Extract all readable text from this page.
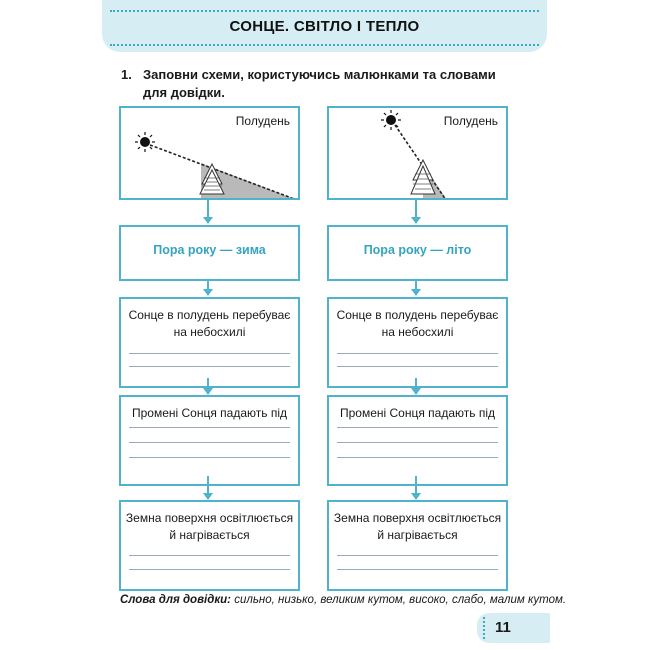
СОНЦЕ. СВІТЛО І ТЕПЛО
1. Заповни схеми, користуючись малюнками та словами для довідки.
Полудень
Пора року — зима
Сонце в полудень перебуває на небосхилі
Промені Сонця падають під
Земна поверхня освітлюється й нагрівається
Полудень
Пора року — літо
Сонце в полудень перебуває на небосхилі
Промені Сонця падають під
Земна поверхня освітлюється й нагрівається
Слова для довідки: сильно, низько, великим кутом, високо, слабо, малим кутом.
11
